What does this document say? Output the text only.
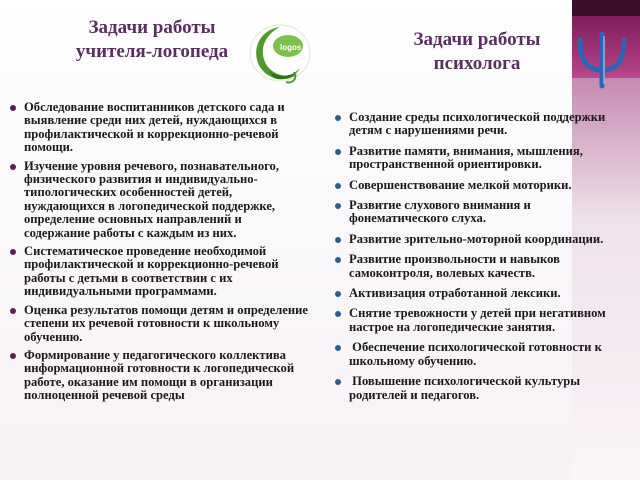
Задачи работы учителя-логопеда	logos	Задачи работы психолога
Обследование воспитанников детского сада и выявление среди них детей, нуждающихся в профилактической и коррекционно-речевой помощи.
Изучение уровня речевого, познавательного, физического развития и индивидуально-типологических особенностей детей, нуждающихся в логопедической поддержке, определение основных направлений и содержание работы с каждым из них.
Систематическое проведение необходимой профилактической и коррекционно-речевой работы с детьми в соответствии с их индивидуальными программами.
Оценка результатов помощи детям и определение степени их речевой готовности к школьному обучению.
Формирование у педагогического коллектива информационной готовности к логопедической работе, оказание им помощи в организации полноценной речевой среды
Создание среды психологической поддержки детям с нарушениями речи.
Развитие памяти, внимания, мышления, пространственной ориентировки.
Совершенствование мелкой моторики.
Развитие слухового внимания и фонематического слуха.
Развитие зрительно-моторной координации.
Развитие произвольности и навыков самоконтроля, волевых качеств.
Активизация отработанной лексики.
Снятие тревожности у детей при негативном настрое на логопедические занятия.
Обеспечение психологической готовности к школьному обучению.
Повышение психологической культуры родителей и педагогов.
